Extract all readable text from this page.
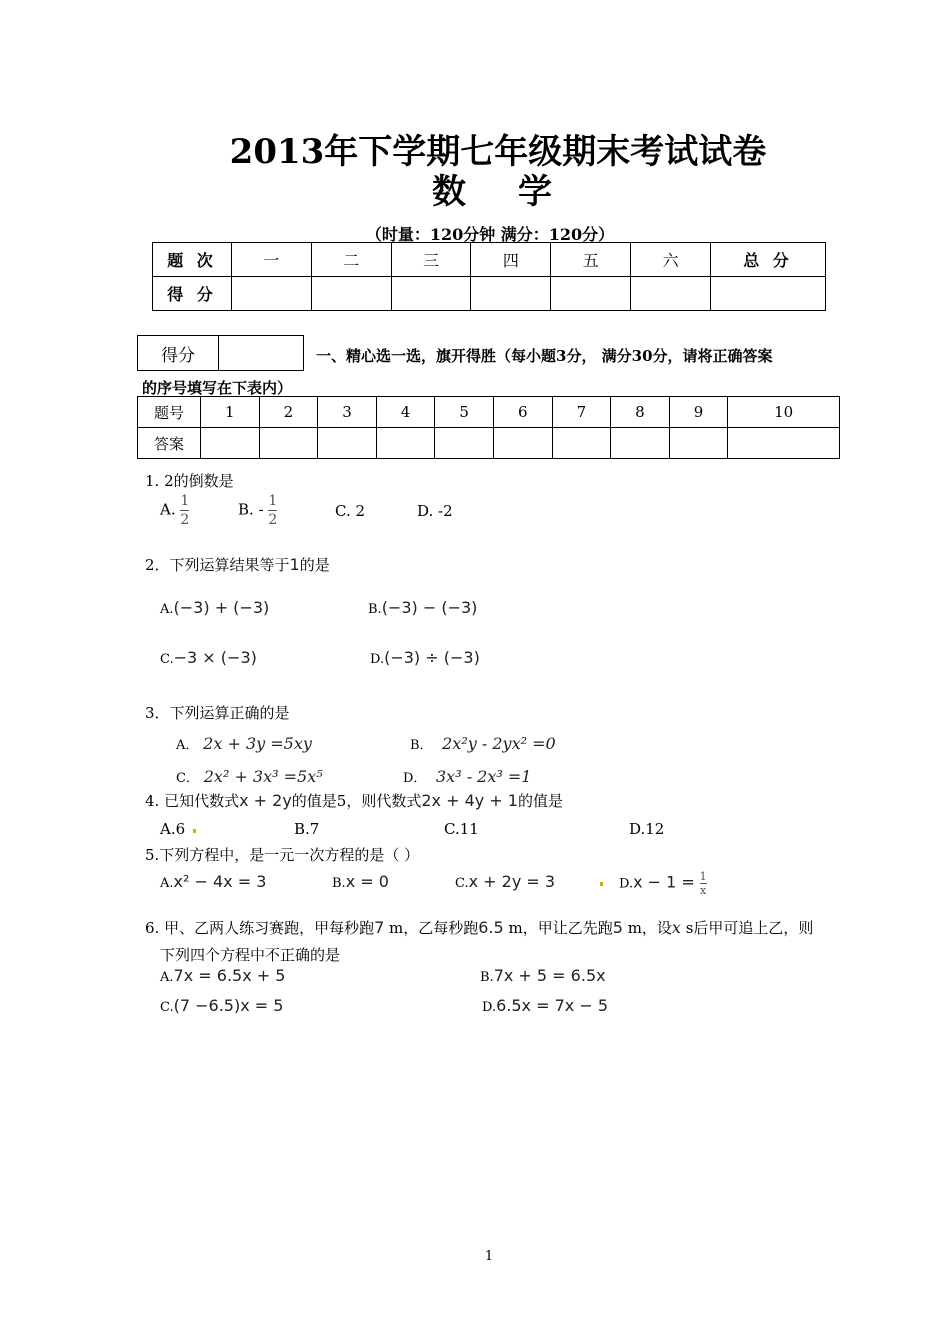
2013年下学期七年级期末考试试卷
数 学
（时量：120分钟 满分：120分）
题 次	一	二	三	四	五	六	总 分
得 分							
得分		一、精心选一选，旗开得胜（每小题3分， 满分30分，请将正确答案
的序号填写在下表内）
题号	1	2	3	4	5	6	7	8	9	10
答案										
1. 2的倒数是
A. $\frac{1}{2}$	B. - $\frac{1}{2}$	C. 2	D. -2
2．下列运算结果等于1的是
A.(−3) + (−3)	B.(−3) − (−3)
C.−3 × (−3)	D.(−3) ÷ (−3)
3．下列运算正确的是
A． 2x + 3y =5xy	B． 2x²y - 2yx² =0
C． 2x² + 3x³ =5x⁵	D． 3x³ - 2x³ =1
4. 已知代数式x + 2y的值是5，则代数式2x + 4y + 1的值是
A.6	B.7	C.11	D.12
5.下列方程中，是一元一次方程的是（ ）
A.x² − 4x = 3	B.x = 0	C.x + 2y = 3	$D.x - 1 = \frac{1}{x}$
6. 甲、乙两人练习赛跑，甲每秒跑7 m，乙每秒跑6.5 m，甲让乙先跑5 m，设x s后甲可追上乙，则
下列四个方程中不正确的是
A.7x = 6.5x + 5	B.7x + 5 = 6.5x
C.(7 −6.5)x = 5	D.6.5x = 7x − 5
1
